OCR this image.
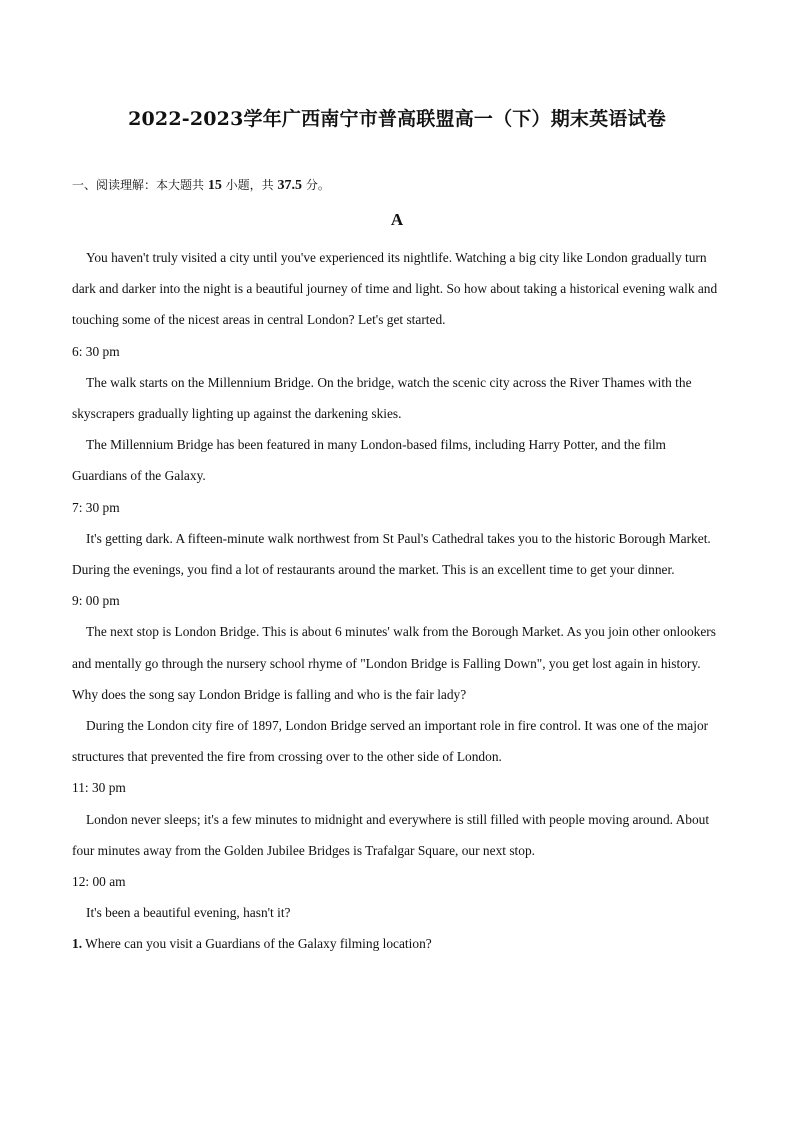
2022-2023学年广西南宁市普高联盟高一（下）期末英语试卷
一、阅读理解：本大题共 15 小题，共 37.5 分。
A

You haven't truly visited a city until you've experienced its nightlife. Watching a big city like London gradually turn dark and darker into the night is a beautiful journey of time and light. So how about taking a historical evening walk and touching some of the nicest areas in central London? Let's get started.

6: 30 pm

The walk starts on the Millennium Bridge. On the bridge, watch the scenic city across the River Thames with the skyscrapers gradually lighting up against the darkening skies.

The Millennium Bridge has been featured in many London-based films, including Harry Potter, and the film Guardians of the Galaxy.

7: 30 pm

It's getting dark. A fifteen-minute walk northwest from St Paul's Cathedral takes you to the historic Borough Market. During the evenings, you find a lot of restaurants around the market. This is an excellent time to get your dinner.

9: 00 pm

The next stop is London Bridge. This is about 6 minutes' walk from the Borough Market. As you join other onlookers and mentally go through the nursery school rhyme of "London Bridge is Falling Down", you get lost again in history. Why does the song say London Bridge is falling and who is the fair lady?

During the London city fire of 1897, London Bridge served an important role in fire control. It was one of the major structures that prevented the fire from crossing over to the other side of London.

11: 30 pm

London never sleeps; it's a few minutes to midnight and everywhere is still filled with people moving around. About four minutes away from the Golden Jubilee Bridges is Trafalgar Square, our next stop.

12: 00 am

It's been a beautiful evening, hasn't it?

1. Where can you visit a Guardians of the Galaxy filming location?
